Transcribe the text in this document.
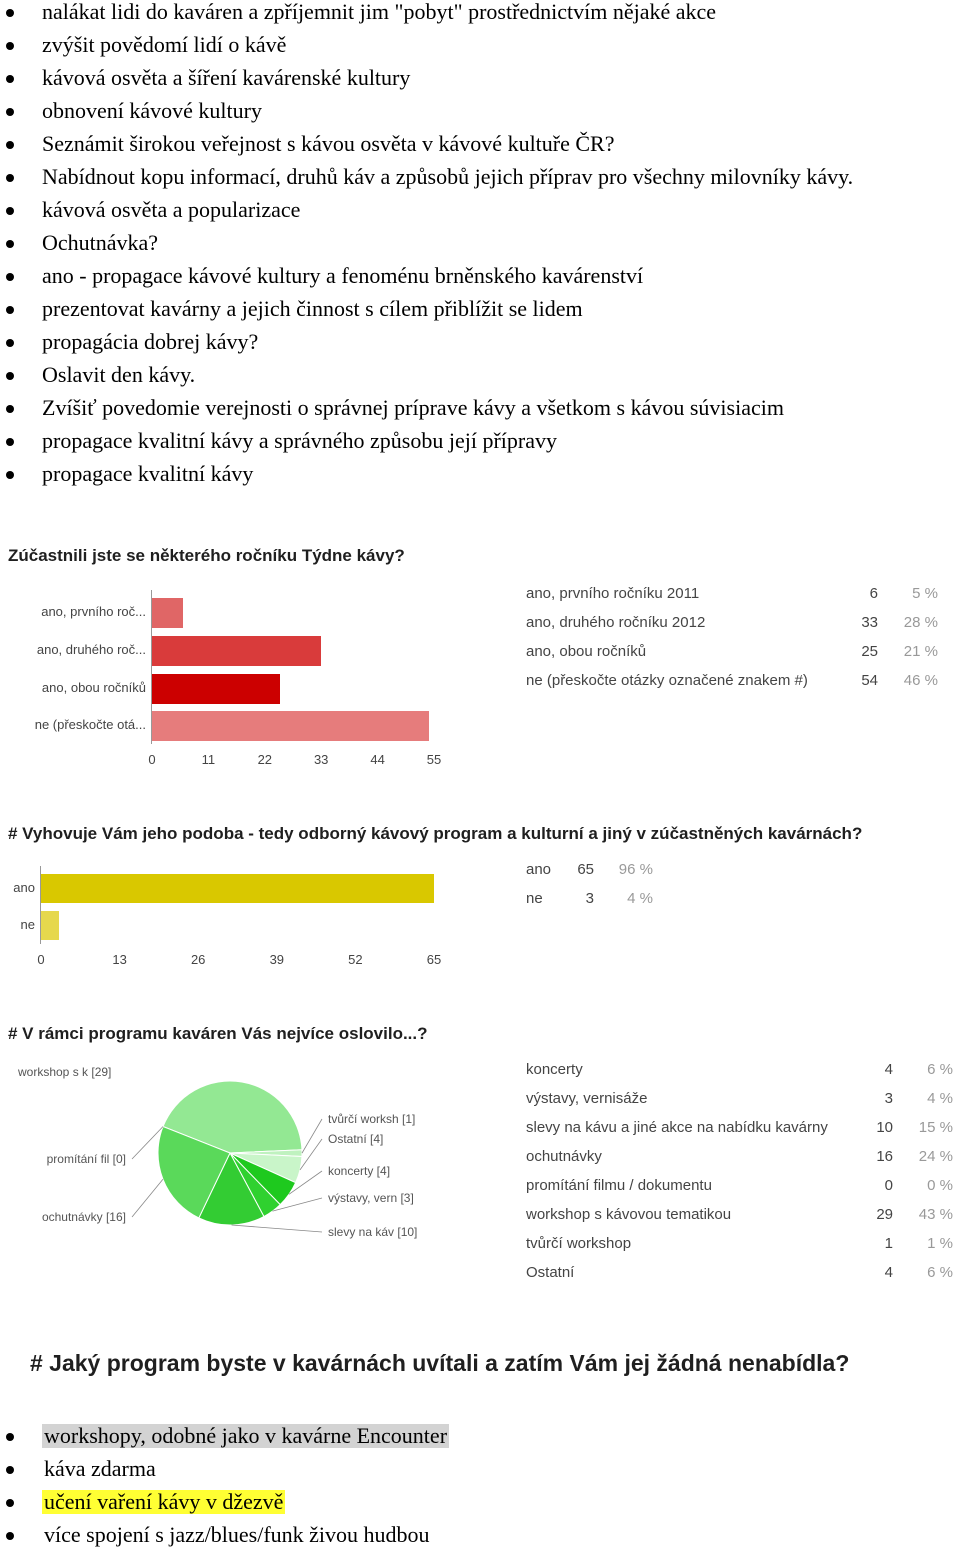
nalákat lidi do kaváren a zpříjemnit jim "pobyt" prostřednictvím nějaké akce
zvýšit povědomí lidí o kávě
kávová osvěta a šíření kavárenské kultury
obnovení kávové kultury
Seznámit širokou veřejnost s kávou osvěta v kávové kultuře ČR?
Nabídnout kopu informací, druhů káv a způsobů jejich příprav pro všechny milovníky kávy.
kávová osvěta a popularizace
Ochutnávka?
ano - propagace kávové kultury a fenoménu brněnského kavárenství
prezentovat kavárny a jejich činnost s cílem přiblížit se lidem
propagácia dobrej kávy?
Oslavit den kávy.
Zvíšiť povedomie verejnosti o správnej príprave kávy a všetkom s kávou súvisiacim
propagace kvalitní kávy a správného způsobu její přípravy
propagace kvalitní kávy
Zúčastnili jste se některého ročníku Týdne kávy?
ano, prvního roč...
ano, druhého roč...
ano, obou ročníků
ne (přeskočte otá...
0	11	22	33	44	55
ano, prvního ročníku 2011	6	5 %
ano, druhého ročníku 2012	33	28 %
ano, obou ročníků	25	21 %
ne (přeskočte otázky označené znakem #)	54	46 %
# Vyhovuje Vám jeho podoba - tedy odborný kávový program a kulturní a jiný v zúčastněných kavárnách?
ano
ne
0	13	26	39	52	65
ano	65	96 %
ne	3	4 %
# V rámci programu kaváren Vás nejvíce oslovilo...?
workshop s k [29]
tvůrčí worksh [1]
Ostatní [4]
koncerty [4]
výstavy, vern [3]
slevy na káv [10]
ochutnávky [16]
promítání fil [0]
koncerty	4	6 %
výstavy, vernisáže	3	4 %
slevy na kávu a jiné akce na nabídku kavárny	10	15 %
ochutnávky	16	24 %
promítání filmu / dokumentu	0	0 %
workshop s kávovou tematikou	29	43 %
tvůrčí workshop	1	1 %
Ostatní	4	6 %
# Jaký program byste v kavárnách uvítali a zatím Vám jej žádná nenabídla?
workshopy, odobné jako v kavárne Encounter
káva zdarma
učení vaření kávy v džezvě
více spojení s jazz/blues/funk živou hudbou
